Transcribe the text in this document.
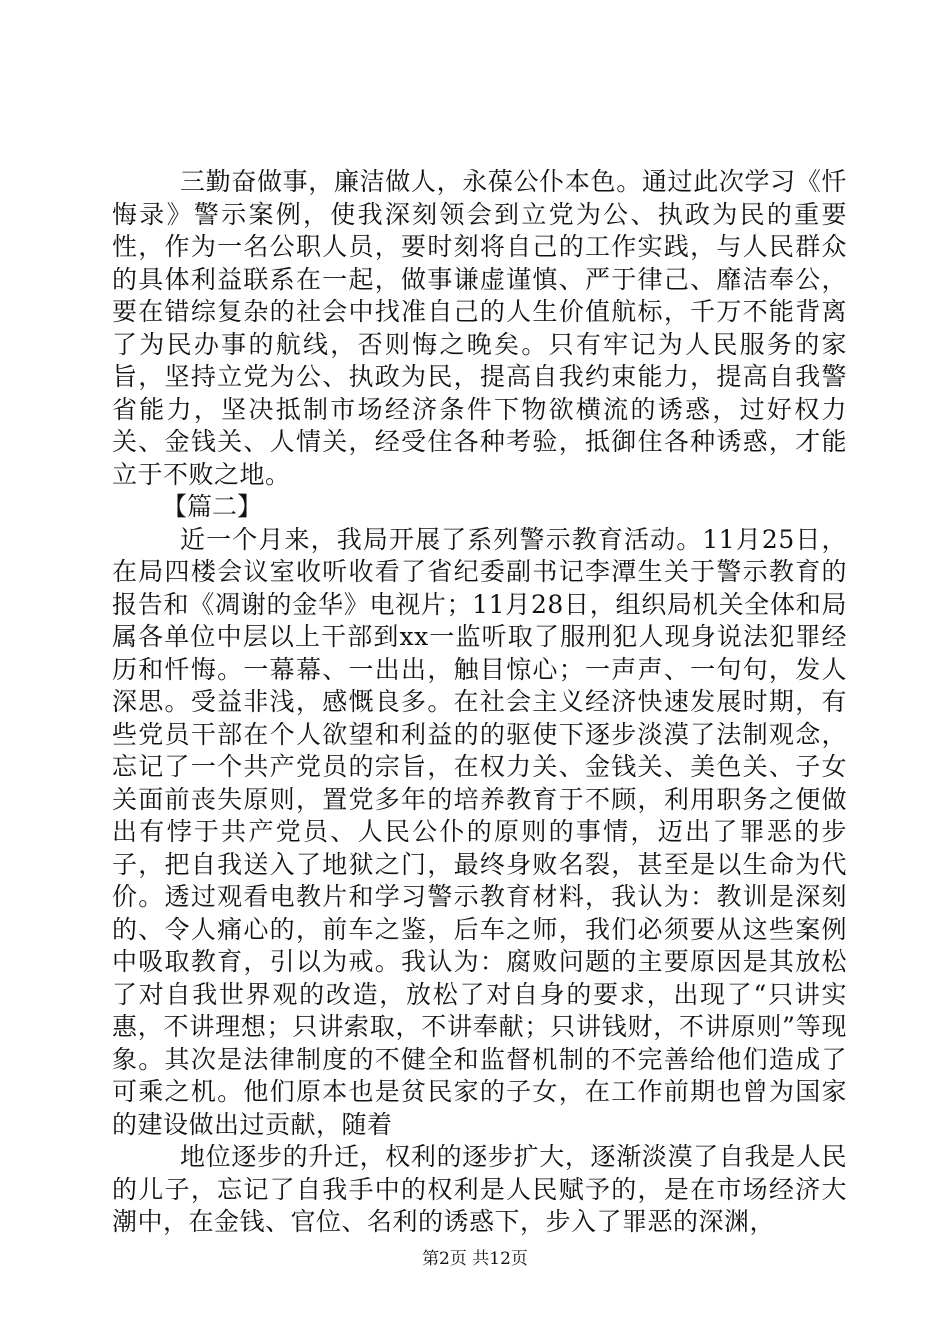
三勤奋做事，廉洁做人，永葆公仆本色。通过此次学习《忏悔录》警示案例，使我深刻领会到立党为公、执政为民的重要性，作为一名公职人员，要时刻将自己的工作实践，与人民群众的具体利益联系在一起，做事谦虚谨慎、严于律己、靡洁奉公，要在错综复杂的社会中找准自己的人生价值航标，千万不能背离了为民办事的航线，否则悔之晚矣。只有牢记为人民服务的家旨，坚持立党为公、执政为民，提高自我约束能力，提高自我警省能力，坚决抵制市场经济条件下物欲横流的诱惑，过好权力关、金钱关、人情关，经受住各种考验，抵御住各种诱惑，才能立于不败之地。

【篇二】

近一个月来，我局开展了系列警示教育活动。11月25日，在局四楼会议室收听收看了省纪委副书记李潭生关于警示教育的报告和《凋谢的金华》电视片；11月28日，组织局机关全体和局属各单位中层以上干部到xx一监听取了服刑犯人现身说法犯罪经历和忏悔。一幕幕、一出出，触目惊心；一声声、一句句，发人深思。受益非浅，感慨良多。在社会主义经济快速发展时期，有些党员干部在个人欲望和利益的的驱使下逐步淡漠了法制观念，忘记了一个共产党员的宗旨，在权力关、金钱关、美色关、子女关面前丧失原则，置党多年的培养教育于不顾，利用职务之便做出有悖于共产党员、人民公仆的原则的事情，迈出了罪恶的步子，把自我送入了地狱之门，最终身败名裂，甚至是以生命为代价。透过观看电教片和学习警示教育材料，我认为：教训是深刻的、令人痛心的，前车之鉴，后车之师，我们必须要从这些案例中吸取教育，引以为戒。我认为：腐败问题的主要原因是其放松了对自我世界观的改造，放松了对自身的要求，出现了“只讲实惠，不讲理想；只讲索取，不讲奉献；只讲钱财，不讲原则”等现象。其次是法律制度的不健全和监督机制的不完善给他们造成了可乘之机。他们原本也是贫民家的子女，在工作前期也曾为国家的建设做出过贡献，随着

地位逐步的升迁，权利的逐步扩大，逐渐淡漠了自我是人民的儿子，忘记了自我手中的权利是人民赋予的，是在市场经济大潮中，在金钱、官位、名利的诱惑下，步入了罪恶的深渊，

第2页 共12页
